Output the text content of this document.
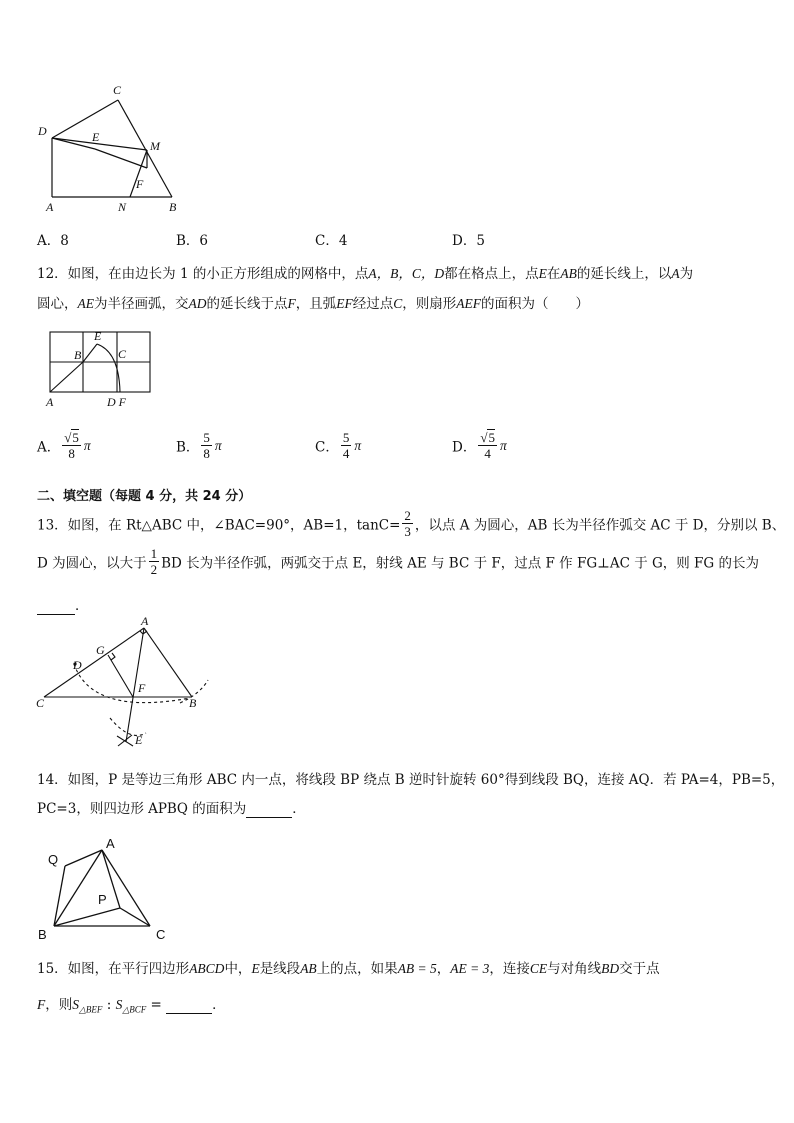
C
D	E
M
F
A	N	B
A．8	B．6	C．4	D．5
12．如图，在由边长为 1 的小正方形组成的网格中，点A，B，C，D都在格点上，点E在AB的延长线上，以A为
圆心，AE为半径画弧，交AD的延长线于点F，且弧EF经过点C，则扇形AEF的面积为（　　）
E
B	C
A	D F
A． $\frac{√5}{8}$ π	B． $\frac{5}{8}$ π	C． $\frac{5}{4}$ π	D． $\frac{√5}{4}$ π
二、填空题（每题 4 分，共 24 分）
13．如图，在 Rt△ABC 中，∠BAC=90°，AB=1，$\tan C= \frac{2}{3}$ ，以点 A 为圆心，AB 长为半径作弧交 AC 于 D，分别以 B、
D 为圆心，以大于 $\frac{1}{2}$ BD 长为半径作弧，两弧交于点 E，射线 AE 与 BC 于 F，过点 F 作 FG⊥AC 于 G，则 FG 的长为
．
A
D
G
F
C	B
E
14．如图，P 是等边三角形 ABC 内一点，将线段 BP 绕点 B 逆时针旋转 60°得到线段 BQ，连接 AQ．若 PA=4，PB=5，
PC=3，则四边形 APBQ 的面积为	．
Q
A
P
B	C
15．如图，在平行四边形ABCD中，E是线段AB上的点，如果AB = 5，AE = 3，连接CE与对角线BD交于点
F，则$S_{\triangle BEF}$ : $S_{\triangle BCF}$ =	．
